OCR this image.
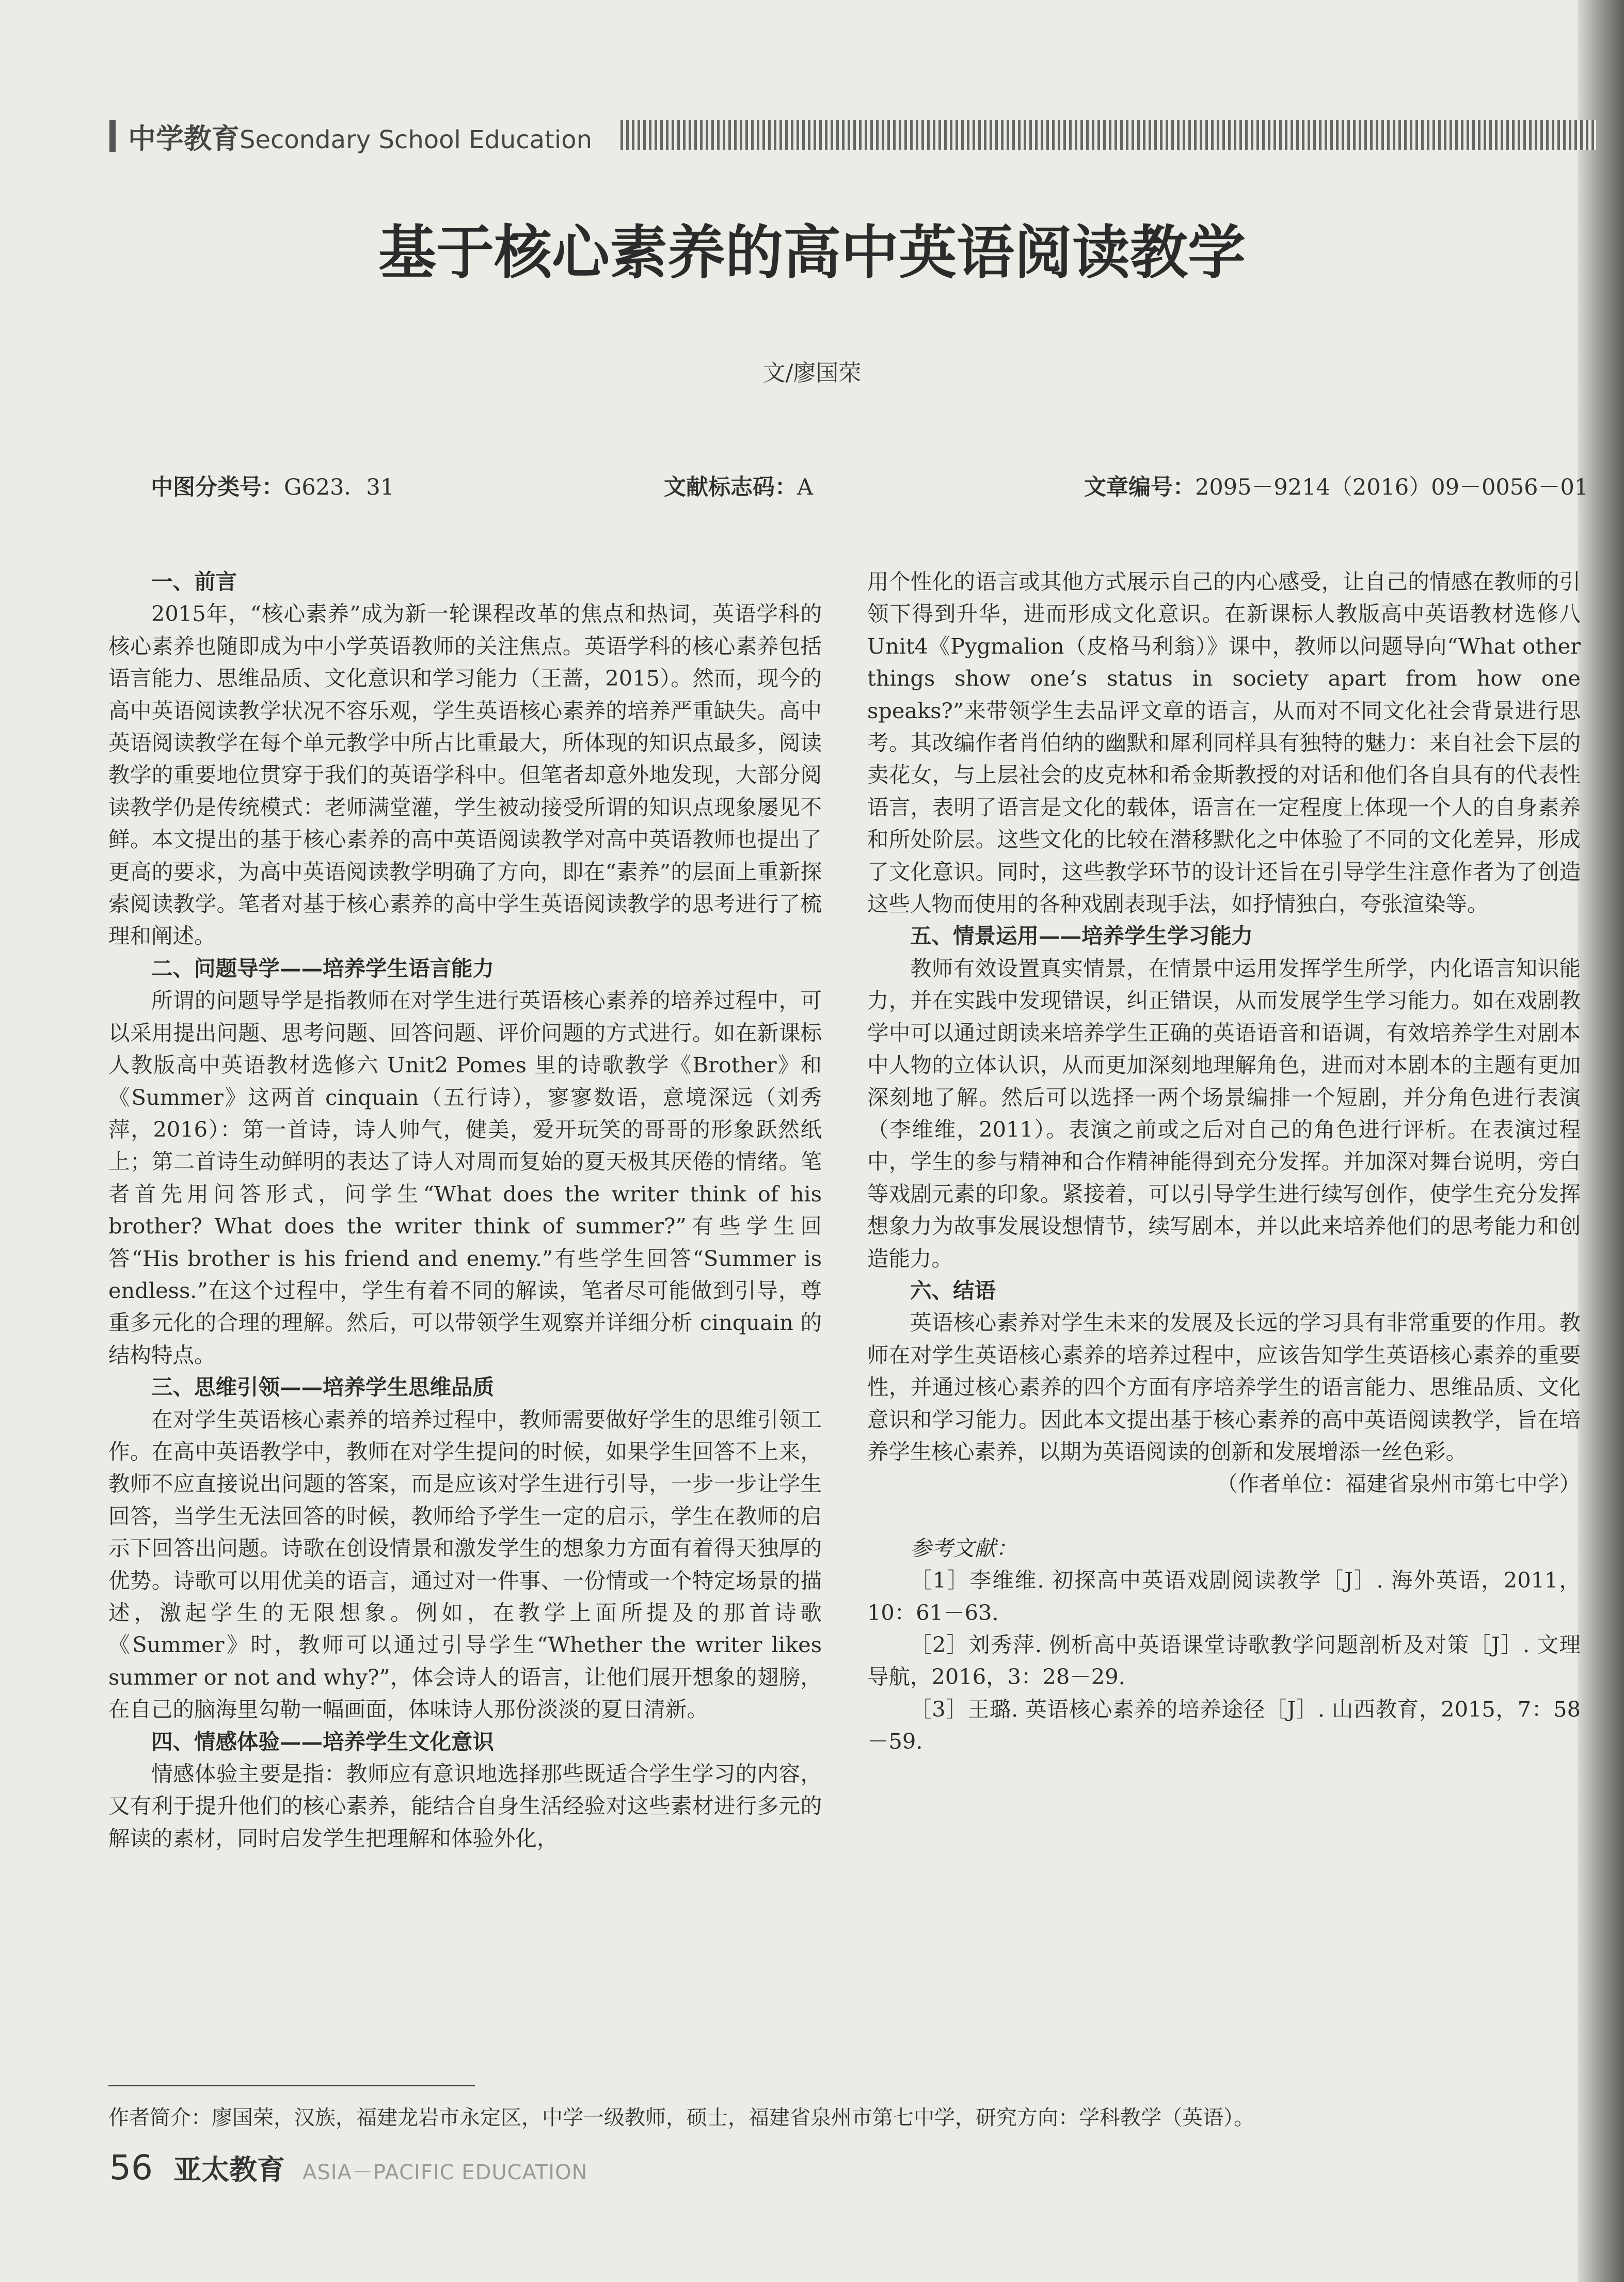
中学教育Secondary School Education
基于核心素养的高中英语阅读教学
文/廖国荣
中图分类号：G623．31	文献标志码：A	文章编号：2095－9214（2016）09－0056－01
一、前言

2015年，“核心素养”成为新一轮课程改革的焦点和热词，英语学科的核心素养也随即成为中小学英语教师的关注焦点。英语学科的核心素养包括语言能力、思维品质、文化意识和学习能力（王蔷，2015）。然而，现今的高中英语阅读教学状况不容乐观，学生英语核心素养的培养严重缺失。高中英语阅读教学在每个单元教学中所占比重最大，所体现的知识点最多，阅读教学的重要地位贯穿于我们的英语学科中。但笔者却意外地发现，大部分阅读教学仍是传统模式：老师满堂灌，学生被动接受所谓的知识点现象屡见不鲜。本文提出的基于核心素养的高中英语阅读教学对高中英语教师也提出了更高的要求，为高中英语阅读教学明确了方向，即在“素养”的层面上重新探索阅读教学。笔者对基于核心素养的高中学生英语阅读教学的思考进行了梳理和阐述。

二、问题导学——培养学生语言能力

所谓的问题导学是指教师在对学生进行英语核心素养的培养过程中，可以采用提出问题、思考问题、回答问题、评价问题的方式进行。如在新课标人教版高中英语教材选修六 Unit2 Pomes 里的诗歌教学《Brother》和《Summer》这两首 cinquain（五行诗），寥寥数语，意境深远（刘秀萍，2016）：第一首诗，诗人帅气，健美，爱开玩笑的哥哥的形象跃然纸上；第二首诗生动鲜明的表达了诗人对周而复始的夏天极其厌倦的情绪。笔者首先用问答形式，问学生“What does the writer think of his brother? What does the writer think of summer?”有些学生回答“His brother is his friend and enemy.”有些学生回答“Summer is endless.”在这个过程中，学生有着不同的解读，笔者尽可能做到引导，尊重多元化的合理的理解。然后，可以带领学生观察并详细分析 cinquain 的结构特点。

三、思维引领——培养学生思维品质

在对学生英语核心素养的培养过程中，教师需要做好学生的思维引领工作。在高中英语教学中，教师在对学生提问的时候，如果学生回答不上来，教师不应直接说出问题的答案，而是应该对学生进行引导，一步一步让学生回答，当学生无法回答的时候，教师给予学生一定的启示，学生在教师的启示下回答出问题。诗歌在创设情景和激发学生的想象力方面有着得天独厚的优势。诗歌可以用优美的语言，通过对一件事、一份情或一个特定场景的描述，激起学生的无限想象。例如，在教学上面所提及的那首诗歌《Summer》时，教师可以通过引导学生“Whether the writer likes summer or not and why?”，体会诗人的语言，让他们展开想象的翅膀，在自己的脑海里勾勒一幅画面，体味诗人那份淡淡的夏日清新。

四、情感体验——培养学生文化意识

情感体验主要是指：教师应有意识地选择那些既适合学生学习的内容，又有利于提升他们的核心素养，能结合自身生活经验对这些素材进行多元的解读的素材，同时启发学生把理解和体验外化，

用个性化的语言或其他方式展示自己的内心感受，让自己的情感在教师的引领下得到升华，进而形成文化意识。在新课标人教版高中英语教材选修八 Unit4《Pygmalion（皮格马利翁）》课中，教师以问题导向“What other things show one’s status in society apart from how one speaks?”来带领学生去品评文章的语言，从而对不同文化社会背景进行思考。其改编作者肖伯纳的幽默和犀利同样具有独特的魅力：来自社会下层的卖花女，与上层社会的皮克林和希金斯教授的对话和他们各自具有的代表性语言，表明了语言是文化的载体，语言在一定程度上体现一个人的自身素养和所处阶层。这些文化的比较在潜移默化之中体验了不同的文化差异，形成了文化意识。同时，这些教学环节的设计还旨在引导学生注意作者为了创造这些人物而使用的各种戏剧表现手法，如抒情独白，夸张渲染等。

五、情景运用——培养学生学习能力

教师有效设置真实情景，在情景中运用发挥学生所学，内化语言知识能力，并在实践中发现错误，纠正错误，从而发展学生学习能力。如在戏剧教学中可以通过朗读来培养学生正确的英语语音和语调，有效培养学生对剧本中人物的立体认识，从而更加深刻地理解角色，进而对本剧本的主题有更加深刻地了解。然后可以选择一两个场景编排一个短剧，并分角色进行表演（李维维，2011）。表演之前或之后对自己的角色进行评析。在表演过程中，学生的参与精神和合作精神能得到充分发挥。并加深对舞台说明，旁白等戏剧元素的印象。紧接着，可以引导学生进行续写创作，使学生充分发挥想象力为故事发展设想情节，续写剧本，并以此来培养他们的思考能力和创造能力。

六、结语

英语核心素养对学生未来的发展及长远的学习具有非常重要的作用。教师在对学生英语核心素养的培养过程中，应该告知学生英语核心素养的重要性，并通过核心素养的四个方面有序培养学生的语言能力、思维品质、文化意识和学习能力。因此本文提出基于核心素养的高中英语阅读教学，旨在培养学生核心素养，以期为英语阅读的创新和发展增添一丝色彩。

（作者单位：福建省泉州市第七中学）

参考文献：

［1］李维维. 初探高中英语戏剧阅读教学［J］. 海外英语，2011，10：61－63.

［2］刘秀萍. 例析高中英语课堂诗歌教学问题剖析及对策［J］. 文理导航，2016，3：28－29.

［3］王璐. 英语核心素养的培养途径［J］. 山西教育，2015，7：58－59.

作者简介：廖国荣，汉族，福建龙岩市永定区，中学一级教师，硕士，福建省泉州市第七中学，研究方向：学科教学（英语）。
56 亚太教育 ASIA－PACIFIC EDUCATION
